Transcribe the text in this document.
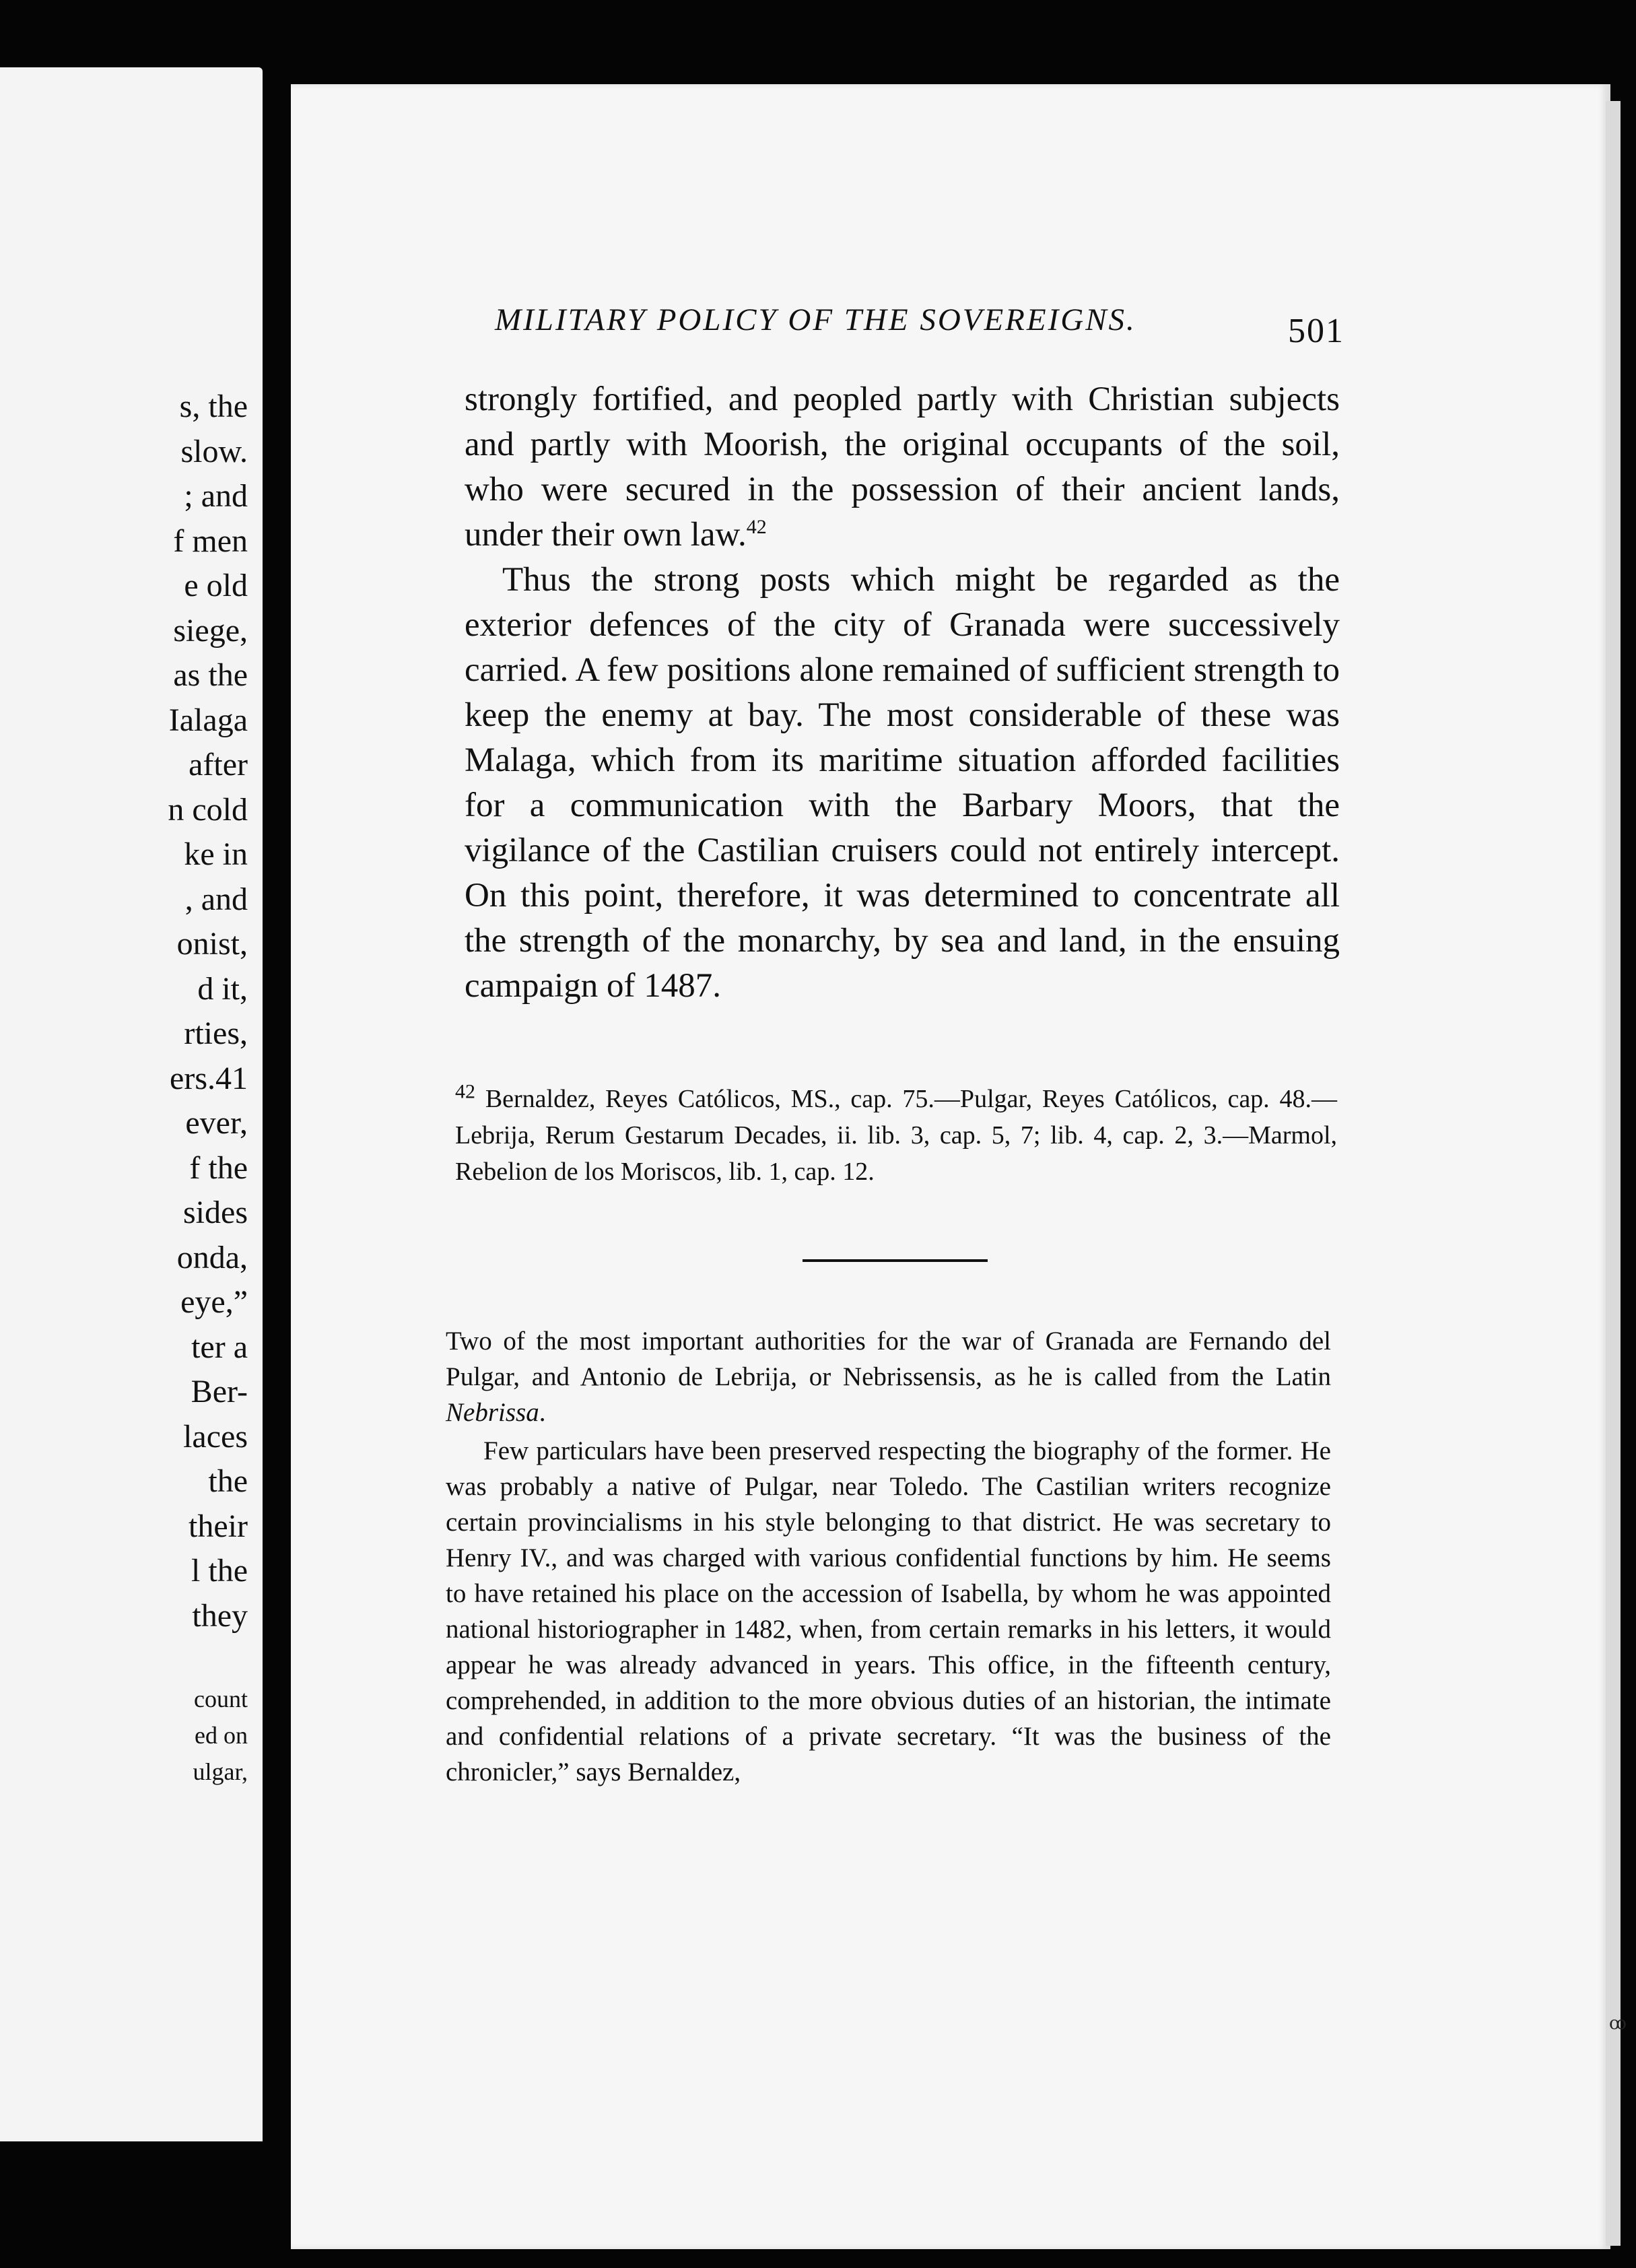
s, the
slow.
; and
f men
e old
siege,
as the
Ialaga
after
n cold
ke in
, and
onist,
d it,
rties,
ers.41
ever,
f the
sides
onda,
eye,”
ter a
Ber-
laces
the
their
l the
they
count
ed on
ulgar,
MILITARY POLICY OF THE SOVEREIGNS.	501

strongly fortified, and peopled partly with Christian subjects and partly with Moorish, the original occupants of the soil, who were secured in the possession of their ancient lands, under their own law.$^{42}$

Thus the strong posts which might be regarded as the exterior defences of the city of Granada were successively carried. A few positions alone remained of sufficient strength to keep the enemy at bay. The most considerable of these was Malaga, which from its maritime situation afforded facilities for a communication with the Barbary Moors, that the vigilance of the Castilian cruisers could not entirely intercept. On this point, therefore, it was determined to concentrate all the strength of the monarchy, by sea and land, in the ensuing campaign of 1487.

$^{42}$ Bernaldez, Reyes Católicos, MS., cap. 75.—Pulgar, Reyes Católicos, cap. 48.—Lebrija, Rerum Gestarum Decades, ii. lib. 3, cap. 5, 7; lib. 4, cap. 2, 3.—Marmol, Rebelion de los Moriscos, lib. 1, cap. 12.

Two of the most important authorities for the war of Granada are Fernando del Pulgar, and Antonio de Lebrija, or Nebrissensis, as he is called from the Latin Nebrissa.

Few particulars have been preserved respecting the biography of the former. He was probably a native of Pulgar, near Toledo. The Castilian writers recognize certain provincialisms in his style belonging to that district. He was secretary to Henry IV., and was charged with various confidential functions by him. He seems to have retained his place on the accession of Isabella, by whom he was appointed national historiographer in 1482, when, from certain remarks in his letters, it would appear he was already advanced in years. This office, in the fifteenth century, comprehended, in addition to the more obvious duties of an historian, the intimate and confidential relations of a private secretary. “It was the business of the chronicler,” says Bernaldez,

ꝏ
